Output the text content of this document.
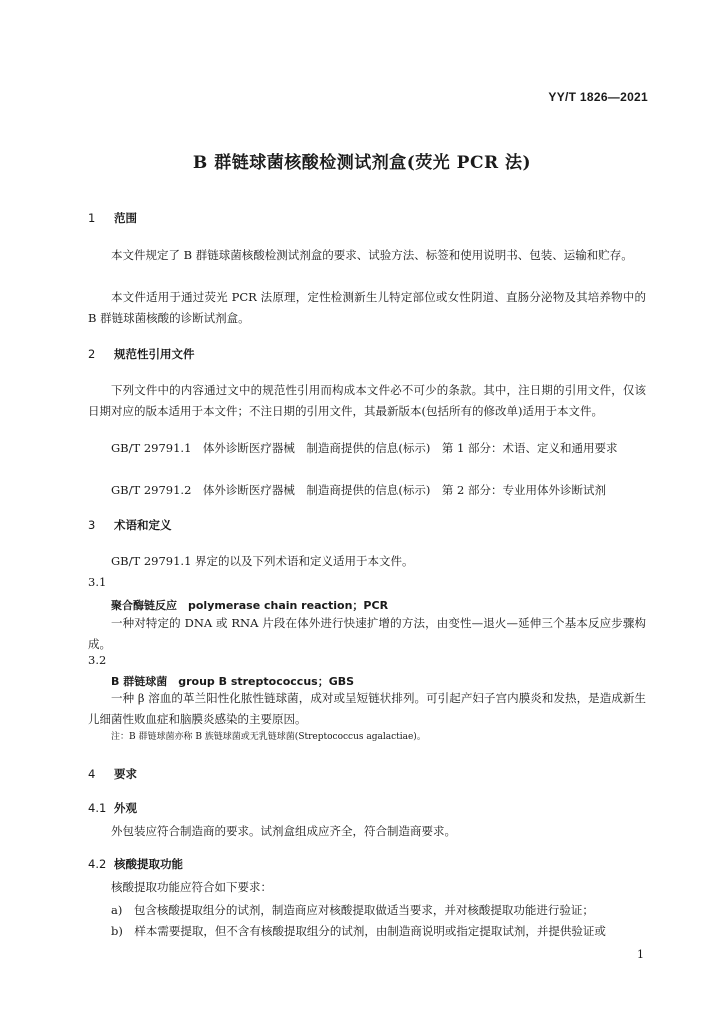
YY/T 1826—2021
B 群链球菌核酸检测试剂盒(荧光 PCR 法)
1 范围
本文件规定了 B 群链球菌核酸检测试剂盒的要求、试验方法、标签和使用说明书、包装、运输和贮存。
本文件适用于通过荧光 PCR 法原理，定性检测新生儿特定部位或女性阴道、直肠分泌物及其培养物中的 B 群链球菌核酸的诊断试剂盒。
2 规范性引用文件
下列文件中的内容通过文中的规范性引用而构成本文件必不可少的条款。其中，注日期的引用文件，仅该日期对应的版本适用于本文件；不注日期的引用文件，其最新版本(包括所有的修改单)适用于本文件。
GB/T 29791.1　体外诊断医疗器械　制造商提供的信息(标示)　第 1 部分：术语、定义和通用要求
GB/T 29791.2　体外诊断医疗器械　制造商提供的信息(标示)　第 2 部分：专业用体外诊断试剂
3 术语和定义
GB/T 29791.1 界定的以及下列术语和定义适用于本文件。
3.1
聚合酶链反应　polymerase chain reaction；PCR
一种对特定的 DNA 或 RNA 片段在体外进行快速扩增的方法，由变性—退火—延伸三个基本反应步骤构成。
3.2
B 群链球菌　group B streptococcus；GBS
一种 β 溶血的革兰阳性化脓性链球菌，成对或呈短链状排列。可引起产妇子宫内膜炎和发热，是造成新生儿细菌性败血症和脑膜炎感染的主要原因。
注：B 群链球菌亦称 B 族链球菌或无乳链球菌(Streptococcus agalactiae)。
4 要求
4.1 外观
外包装应符合制造商的要求。试剂盒组成应齐全，符合制造商要求。
4.2 核酸提取功能
核酸提取功能应符合如下要求：
a)　包含核酸提取组分的试剂，制造商应对核酸提取做适当要求，并对核酸提取功能进行验证；
b)　样本需要提取，但不含有核酸提取组分的试剂，由制造商说明或指定提取试剂，并提供验证或
1
